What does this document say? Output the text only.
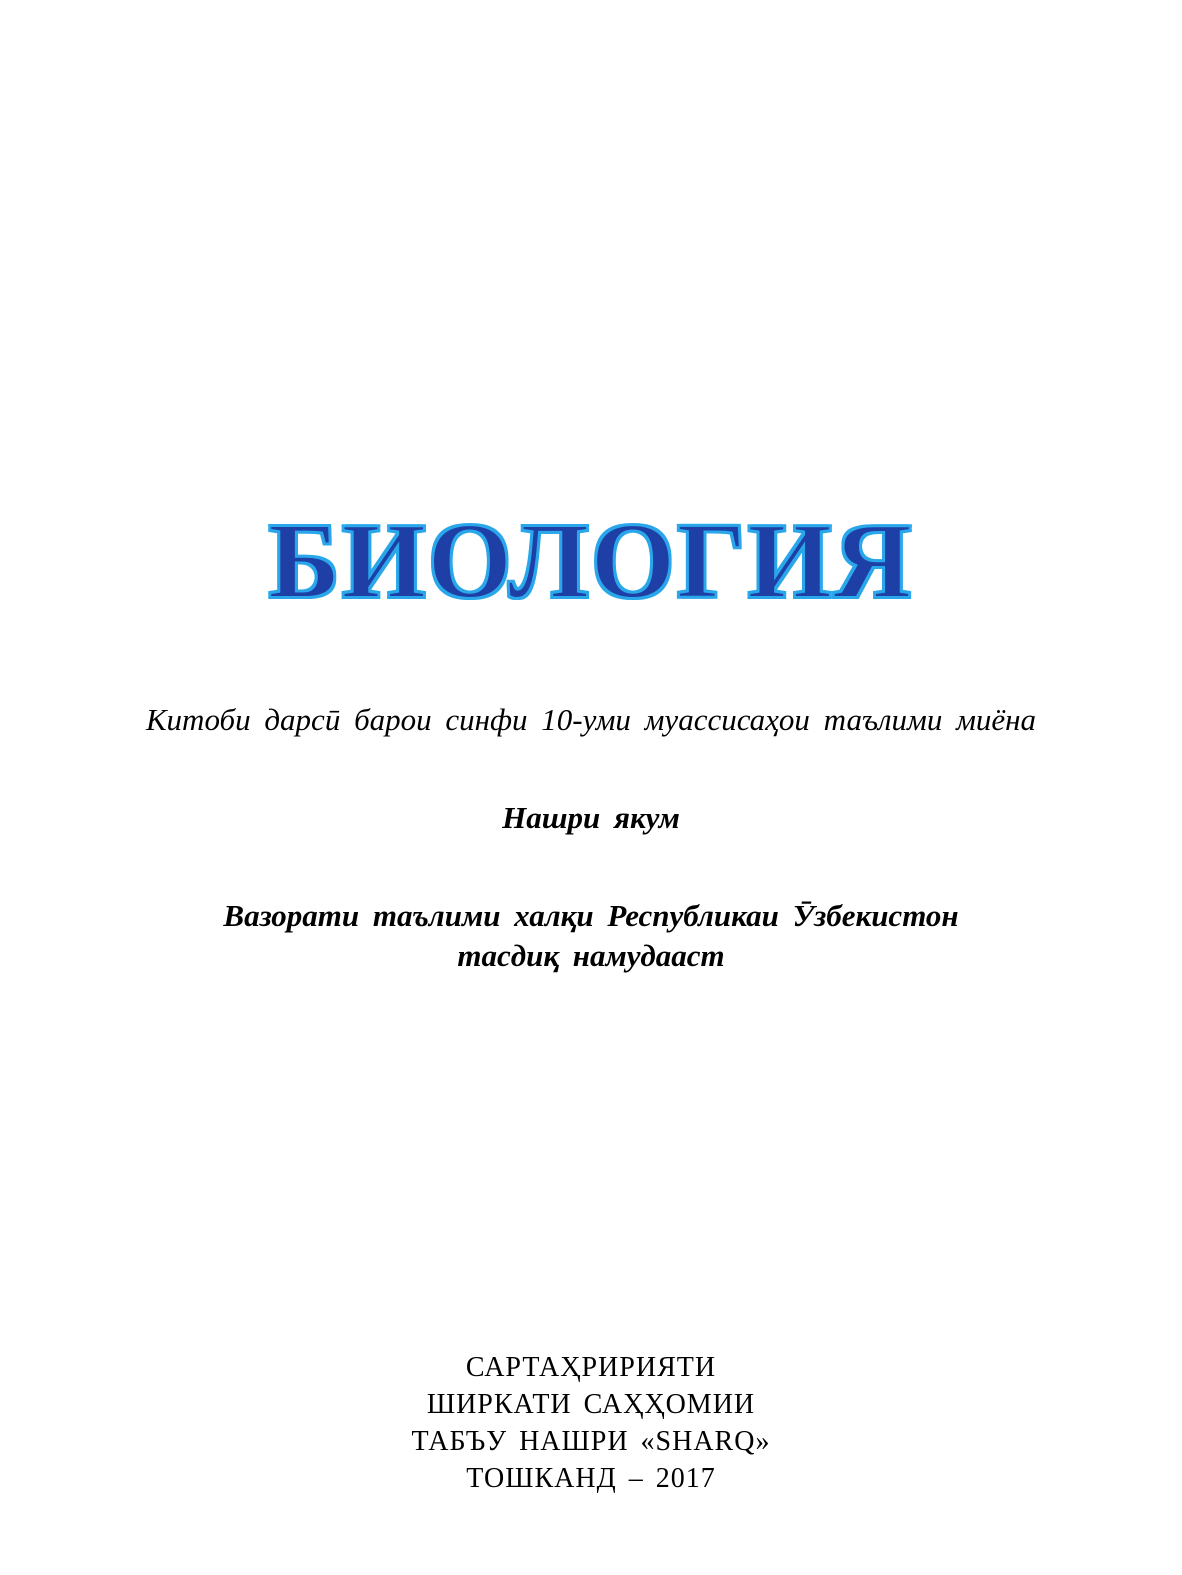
БИОЛОГИЯ
Китоби дарсӣ барои синфи 10-уми муассисаҳои таълими миёна
Нашри якум
Вазорати таълими халқи Республикаи Ӯзбекистон
тасдиқ намудааст
САРТАҲРИРИЯТИ
ШИРКАТИ САҲҲОМИИ
ТАБЪУ НАШРИ «SHARQ»
ТОШКАНД – 2017
